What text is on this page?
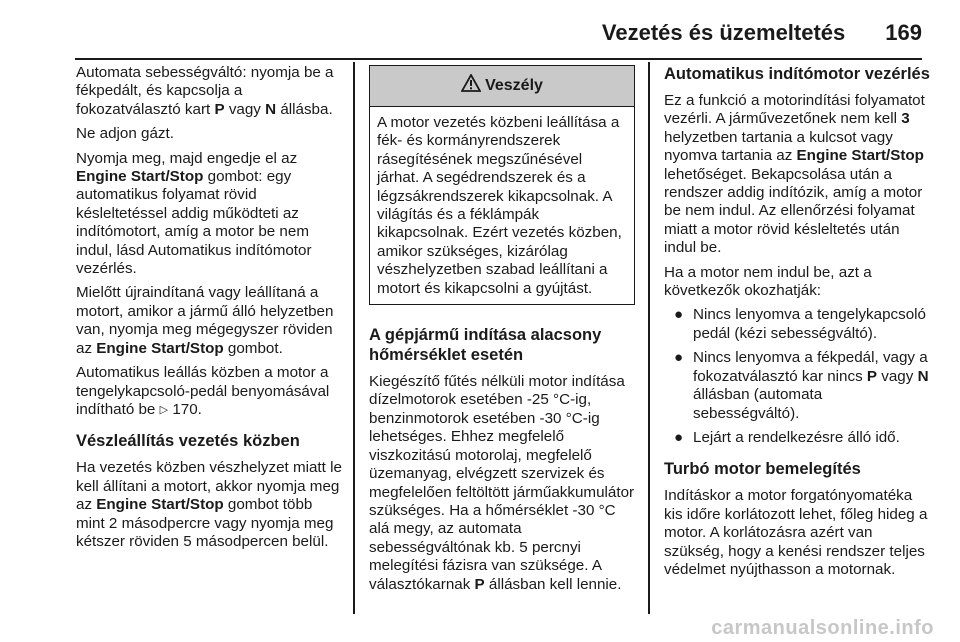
Vezetés és üzemeltetés 169

Automata sebességváltó: nyomja be a fékpedált, és kapcsolja a fokozatválasztó kart P vagy N állásba.

Ne adjon gázt.

Nyomja meg, majd engedje el az Engine Start/Stop gombot: egy automatikus folyamat rövid késleltetéssel addig működteti az indítómotort, amíg a motor be nem indul, lásd Automatikus indítómotor vezérlés.

Mielőtt újraindítaná vagy leállítaná a motort, amikor a jármű álló helyzetben van, nyomja meg mégegyszer röviden az Engine Start/Stop gombot.

Automatikus leállás közben a motor a tengelykapcsoló-pedál benyomásával indítható be ▷ 170.

Vészleállítás vezetés közben

Ha vezetés közben vészhelyzet miatt le kell állítani a motort, akkor nyomja meg az Engine Start/Stop gombot több mint 2 másodpercre vagy nyomja meg kétszer röviden 5 másodpercen belül.

Veszély
A motor vezetés közbeni leállítása a fék- és kormányrendszerek rásegítésének megszűnésével járhat. A segédrendszerek és a légzsákrendszerek kikapcsolnak. A világítás és a féklámpák kikapcsolnak. Ezért vezetés közben, amikor szükséges, kizárólag vészhelyzetben szabad leállítani a motort és kikapcsolni a gyújtást.
A gépjármű indítása alacsony hőmérséklet esetén

Kiegészítő fűtés nélküli motor indítása dízelmotorok esetében -25 °C-ig, benzinmotorok esetében -30 °C-ig lehetséges. Ehhez megfelelő viszkozitású motorolaj, megfelelő üzemanyag, elvégzett szervizek és megfelelően feltöltött járműakkumulátor szükséges. Ha a hőmérséklet -30 °C alá megy, az automata sebességváltónak kb. 5 percnyi melegítési fázisra van szüksége. A választókarnak P állásban kell lennie.

Automatikus indítómotor vezérlés

Ez a funkció a motorindítási folyamatot vezérli. A járművezetőnek nem kell 3 helyzetben tartania a kulcsot vagy nyomva tartania az Engine Start/Stop lehetőséget. Bekapcsolása után a rendszer addig indítózik, amíg a motor be nem indul. Az ellenőrzési folyamat miatt a motor rövid késleltetés után indul be.

Ha a motor nem indul be, azt a következők okozhatják:

● Nincs lenyomva a tengelykapcsoló pedál (kézi sebességváltó).
● Nincs lenyomva a fékpedál, vagy a fokozatválasztó kar nincs P vagy N állásban (automata sebességváltó).
● Lejárt a rendelkezésre álló idő.
Turbó motor bemelegítés

Indításkor a motor forgatónyomatéka kis időre korlátozott lehet, főleg hideg a motor. A korlátozásra azért van szükség, hogy a kenési rendszer teljes védelmet nyújthasson a motornak.

carmanualsonline.info
